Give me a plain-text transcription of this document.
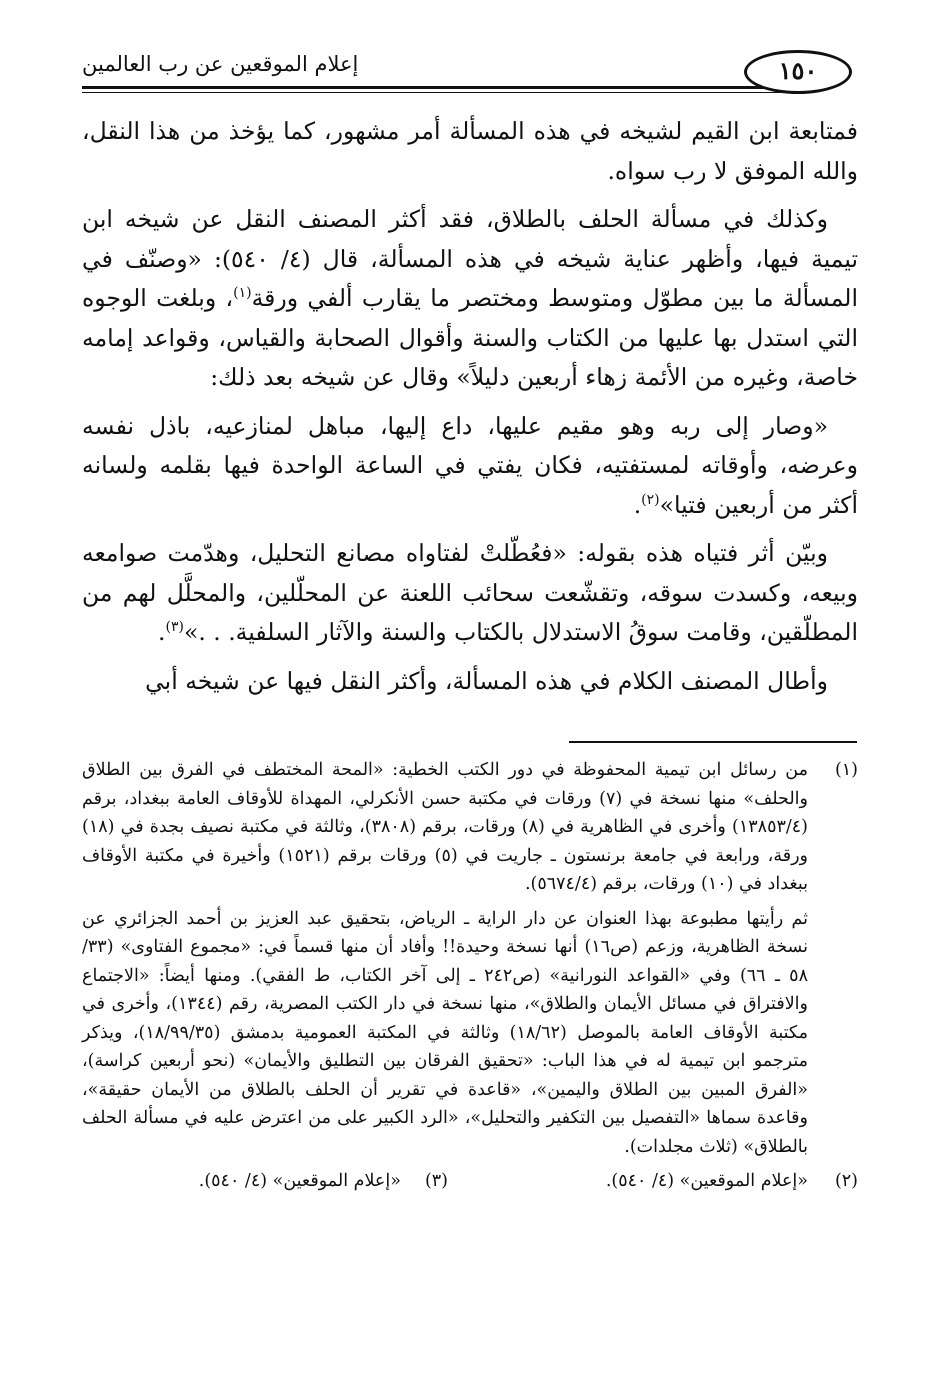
إعلام الموقعين عن رب العالمين	١٥٠

فمتابعة ابن القيم لشيخه في هذه المسألة أمر مشهور، كما يؤخذ من هذا النقل، والله الموفق لا رب سواه.

وكذلك في مسألة الحلف بالطلاق، فقد أكثر المصنف النقل عن شيخه ابن تيمية فيها، وأظهر عناية شيخه في هذه المسألة، قال (٤/ ٥٤٠): «وصنّف في المسألة ما بين مطوّل ومتوسط ومختصر ما يقارب ألفي ورقة$^{(١)}$، وبلغت الوجوه التي استدل بها عليها من الكتاب والسنة وأقوال الصحابة والقياس، وقواعد إمامه خاصة، وغيره من الأئمة زهاء أربعين دليلاً» وقال عن شيخه بعد ذلك:

«وصار إلى ربه وهو مقيم عليها، داع إليها، مباهل لمنازعيه، باذل نفسه وعرضه، وأوقاته لمستفتيه، فكان يفتي في الساعة الواحدة فيها بقلمه ولسانه أكثر من أربعين فتيا»$^{(٢)}$.

وبيّن أثر فتياه هذه بقوله: «فعُطّلتْ لفتاواه مصانع التحليل، وهدّمت صوامعه وبيعه، وكسدت سوقه، وتقشّعت سحائب اللعنة عن المحلّلين، والمحلَّل لهم من المطلّقين، وقامت سوقُ الاستدلال بالكتاب والسنة والآثار السلفية. . .»$^{(٣)}$.

وأطال المصنف الكلام في هذه المسألة، وأكثر النقل فيها عن شيخه أبي

(١)

من رسائل ابن تيمية المحفوظة في دور الكتب الخطية: «المحة المختطف في الفرق بين الطلاق والحلف» منها نسخة في (٧) ورقات في مكتبة حسن الأنكرلي، المهداة للأوقاف العامة ببغداد، برقم (١٣٨٥٣/٤) وأخرى في الظاهرية في (٨) ورقات، برقم (٣٨٠٨)، وثالثة في مكتبة نصيف بجدة في (١٨) ورقة، ورابعة في جامعة برنستون ـ جاريت في (٥) ورقات برقم (١٥٢١) وأخيرة في مكتبة الأوقاف ببغداد في (١٠) ورقات، برقم (٥٦٧٤/٤).

ثم رأيتها مطبوعة بهذا العنوان عن دار الراية ـ الرياض، بتحقيق عبد العزيز بن أحمد الجزائري عن نسخة الظاهرية، وزعم (ص١٦) أنها نسخة وحيدة!! وأفاد أن منها قسماً في: «مجموع الفتاوى» (٣٣/ ٥٨ ـ ٦٦) وفي «القواعد النورانية» (ص٢٤٢ ـ إلى آخر الكتاب، ط الفقي). ومنها أيضاً: «الاجتماع والافتراق في مسائل الأيمان والطلاق»، منها نسخة في دار الكتب المصرية، رقم (١٣٤٤)، وأخرى في مكتبة الأوقاف العامة بالموصل (١٨/٦٢) وثالثة في المكتبة العمومية بدمشق (١٨/٩٩/٣٥)، ويذكر مترجمو ابن تيمية له في هذا الباب: «تحقيق الفرقان بين التطليق والأيمان» (نحو أربعين كراسة)، «الفرق المبين بين الطلاق واليمين»، «قاعدة في تقرير أن الحلف بالطلاق من الأيمان حقيقة»، وقاعدة سماها «التفصيل بين التكفير والتحليل»، «الرد الكبير على من اعترض عليه في مسألة الحلف بالطلاق» (ثلاث مجلدات).

(٢)
«إعلام الموقعين» (٤/ ٥٤٠).
(٣)
«إعلام الموقعين» (٤/ ٥٤٠).
